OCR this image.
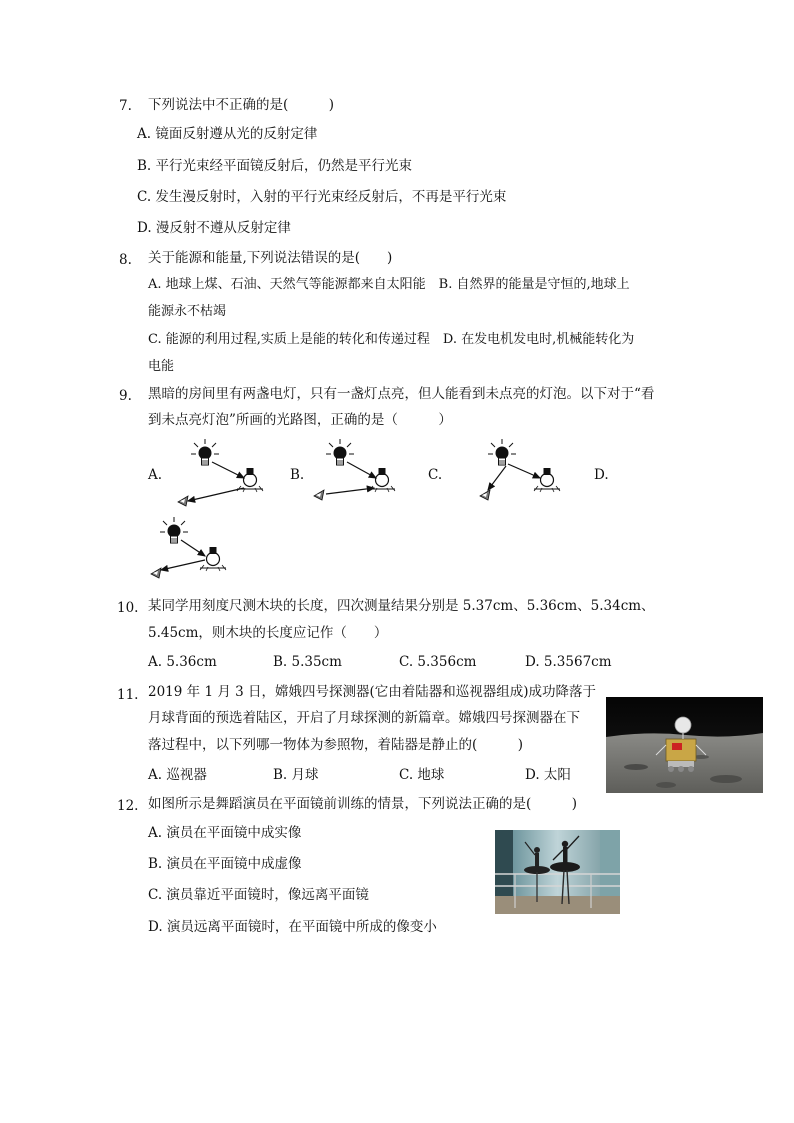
7. 下列说法中不正确的是(　　　)
A. 镜面反射遵从光的反射定律
B. 平行光束经平面镜反射后，仍然是平行光束
C. 发生漫反射时，入射的平行光束经反射后，不再是平行光束
D. 漫反射不遵从反射定律
8. 关于能源和能量,下列说法错误的是(　　)
A. 地球上煤、石油、天然气等能源都来自太阳能　B. 自然界的能量是守恒的,地球上
能源永不枯竭
C. 能源的利用过程,实质上是能的转化和传递过程　D. 在发电机发电时,机械能转化为
电能
9. 黑暗的房间里有两盏电灯，只有一盏灯点亮，但人能看到未点亮的灯泡。以下对于“看
到未点亮灯泡”所画的光路图，正确的是（　　　）
A.	B.	C.	D.
10. 某同学用刻度尺测木块的长度，四次测量结果分别是 5.37cm、5.36cm、5.34cm、
5.45cm，则木块的长度应记作（　　）
A. 5.36cm	B. 5.35cm	C. 5.356cm	D. 5.3567cm
11. 2019 年 1 月 3 日，嫦娥四号探测器(它由着陆器和巡视器组成)成功降落于
月球背面的预选着陆区，开启了月球探测的新篇章。嫦娥四号探测器在下
落过程中，以下列哪一物体为参照物，着陆器是静止的(　　　)
A. 巡视器	B. 月球	C. 地球	D. 太阳
12. 如图所示是舞蹈演员在平面镜前训练的情景，下列说法正确的是(　　　)
A. 演员在平面镜中成实像
B. 演员在平面镜中成虚像
C. 演员靠近平面镜时，像远离平面镜
D. 演员远离平面镜时，在平面镜中所成的像变小
